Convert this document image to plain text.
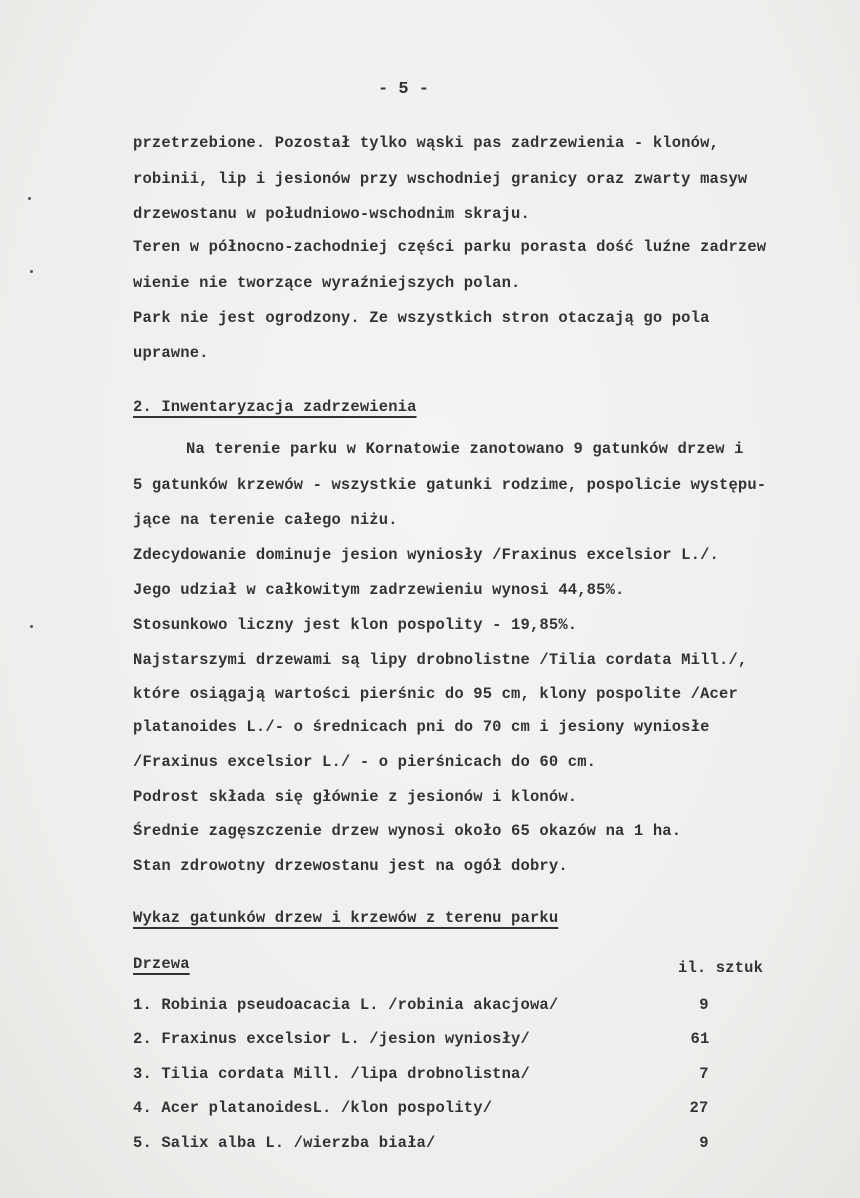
- 5 -
przetrzebione. Pozostał tylko wąski pas zadrzewienia - klonów,
robinii, lip i jesionów przy wschodniej granicy oraz zwarty masyw
drzewostanu w południowo-wschodnim skraju.
Teren w północno-zachodniej części parku porasta dość luźne zadrzew
wienie nie tworzące wyraźniejszych polan.
Park nie jest ogrodzony. Ze wszystkich stron otaczają go pola
uprawne.
2. Inwentaryzacja zadrzewienia
Na terenie parku w Kornatowie zanotowano 9 gatunków drzew i
5 gatunków krzewów - wszystkie gatunki rodzime, pospolicie występu-
jące na terenie całego niżu.
Zdecydowanie dominuje jesion wyniosły /Fraxinus excelsior L./.
Jego udział w całkowitym zadrzewieniu wynosi 44,85%.
Stosunkowo liczny jest klon pospolity - 19,85%.
Najstarszymi drzewami są lipy drobnolistne /Tilia cordata Mill./,
które osiągają wartości pierśnic do 95 cm, klony pospolite /Acer
platanoides L./- o średnicach pni do 70 cm i jesiony wyniosłe
/Fraxinus excelsior L./ - o pierśnicach do 60 cm.
Podrost składa się głównie z jesionów i klonów.
Średnie zagęszczenie drzew wynosi około 65 okazów na 1 ha.
Stan zdrowotny drzewostanu jest na ogół dobry.
Wykaz gatunków drzew i krzewów z terenu parku
Drzewa	il. sztuk
1. Robinia pseudoacacia L. /robinia akacjowa/	9
2. Fraxinus excelsior L. /jesion wyniosły/	61
3. Tilia cordata Mill. /lipa drobnolistna/	7
4. Acer platanoidesL. /klon pospolity/	27
5. Salix alba L. /wierzba biała/	9
